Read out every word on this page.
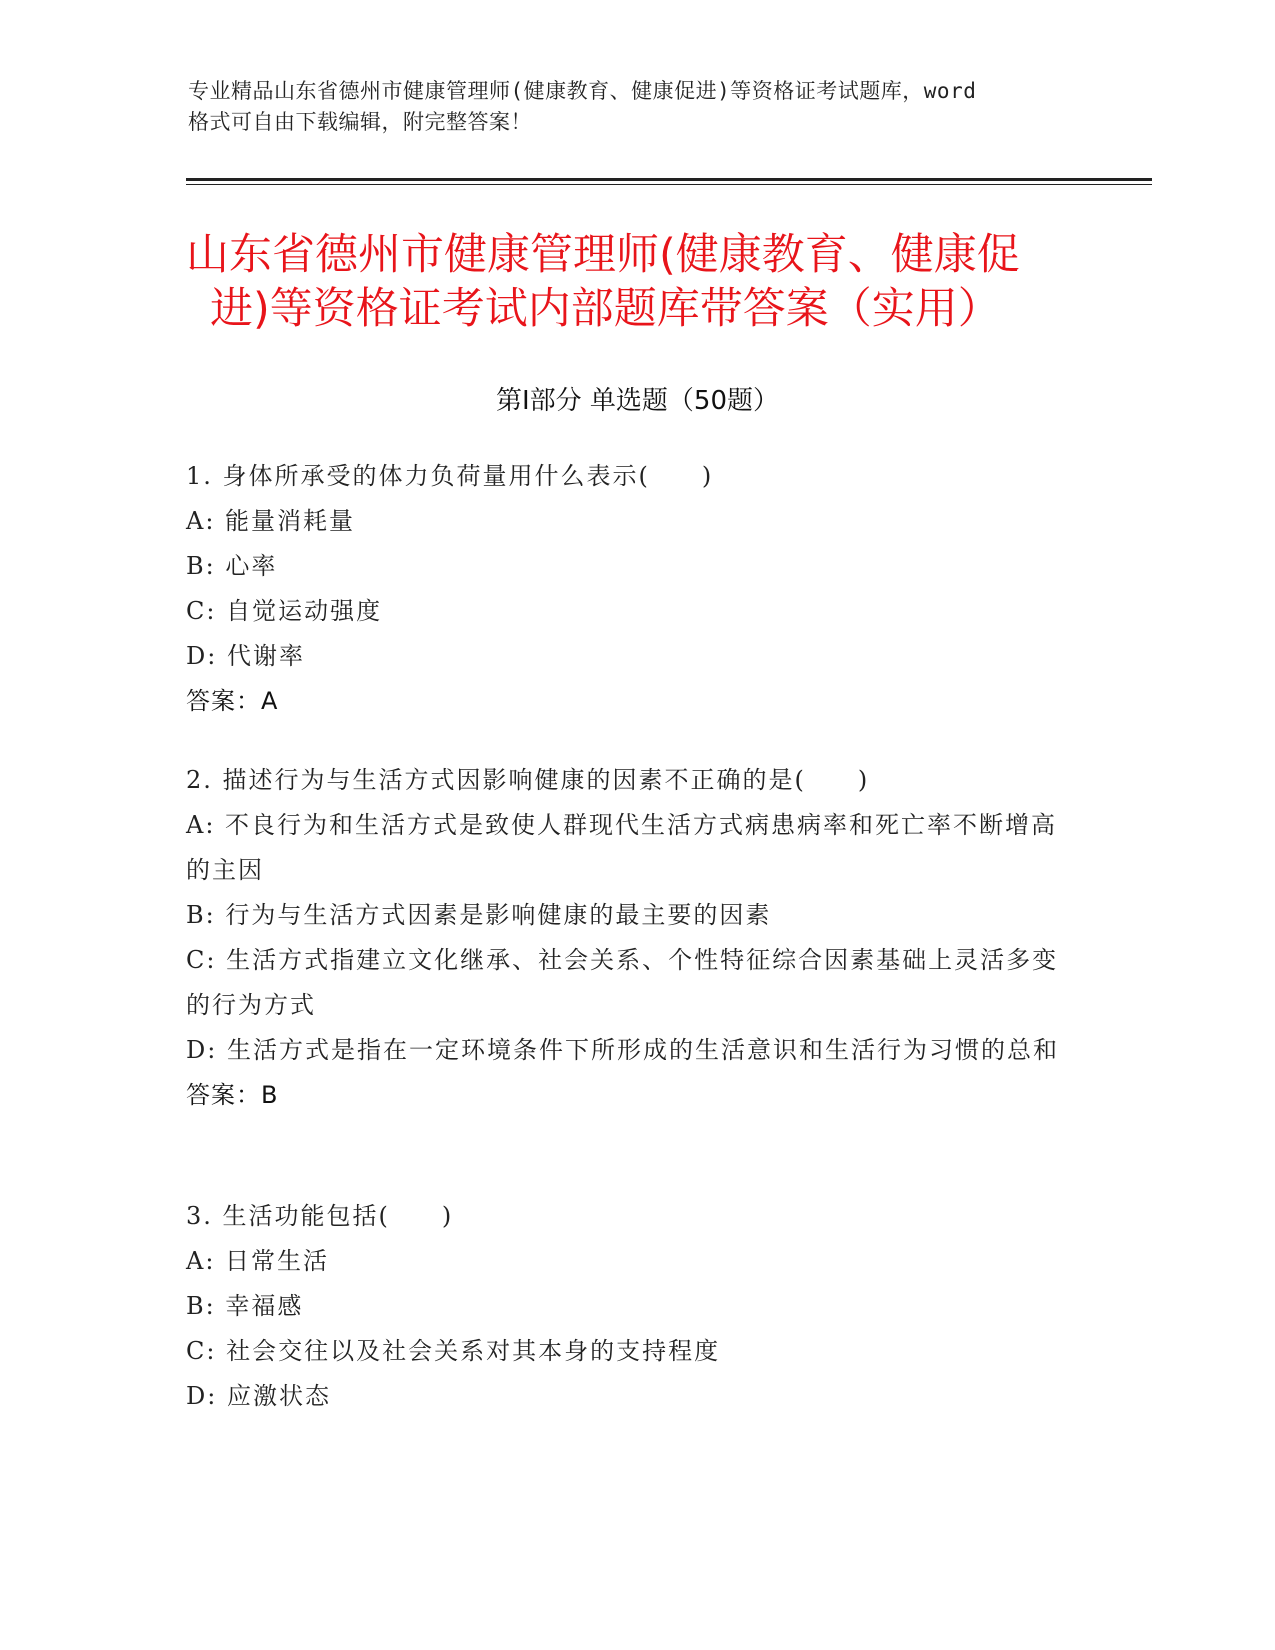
专业精品山东省德州市健康管理师(健康教育、健康促进)等资格证考试题库，word
格式可自由下载编辑，附完整答案！
山东省德州市健康管理师(健康教育、健康促
进)等资格证考试内部题库带答案（实用）
第Ⅰ部分 单选题（50题）
1. 身体所承受的体力负荷量用什么表示(　　)
A: 能量消耗量
B: 心率
C: 自觉运动强度
D: 代谢率
答案：A
2. 描述行为与生活方式因影响健康的因素不正确的是(　　)
A: 不良行为和生活方式是致使人群现代生活方式病患病率和死亡率不断增高的主因
B: 行为与生活方式因素是影响健康的最主要的因素
C: 生活方式指建立文化继承、社会关系、个性特征综合因素基础上灵活多变的行为方式
D: 生活方式是指在一定环境条件下所形成的生活意识和生活行为习惯的总和
答案：B
3. 生活功能包括(　　)
A: 日常生活
B: 幸福感
C: 社会交往以及社会关系对其本身的支持程度
D: 应激状态
